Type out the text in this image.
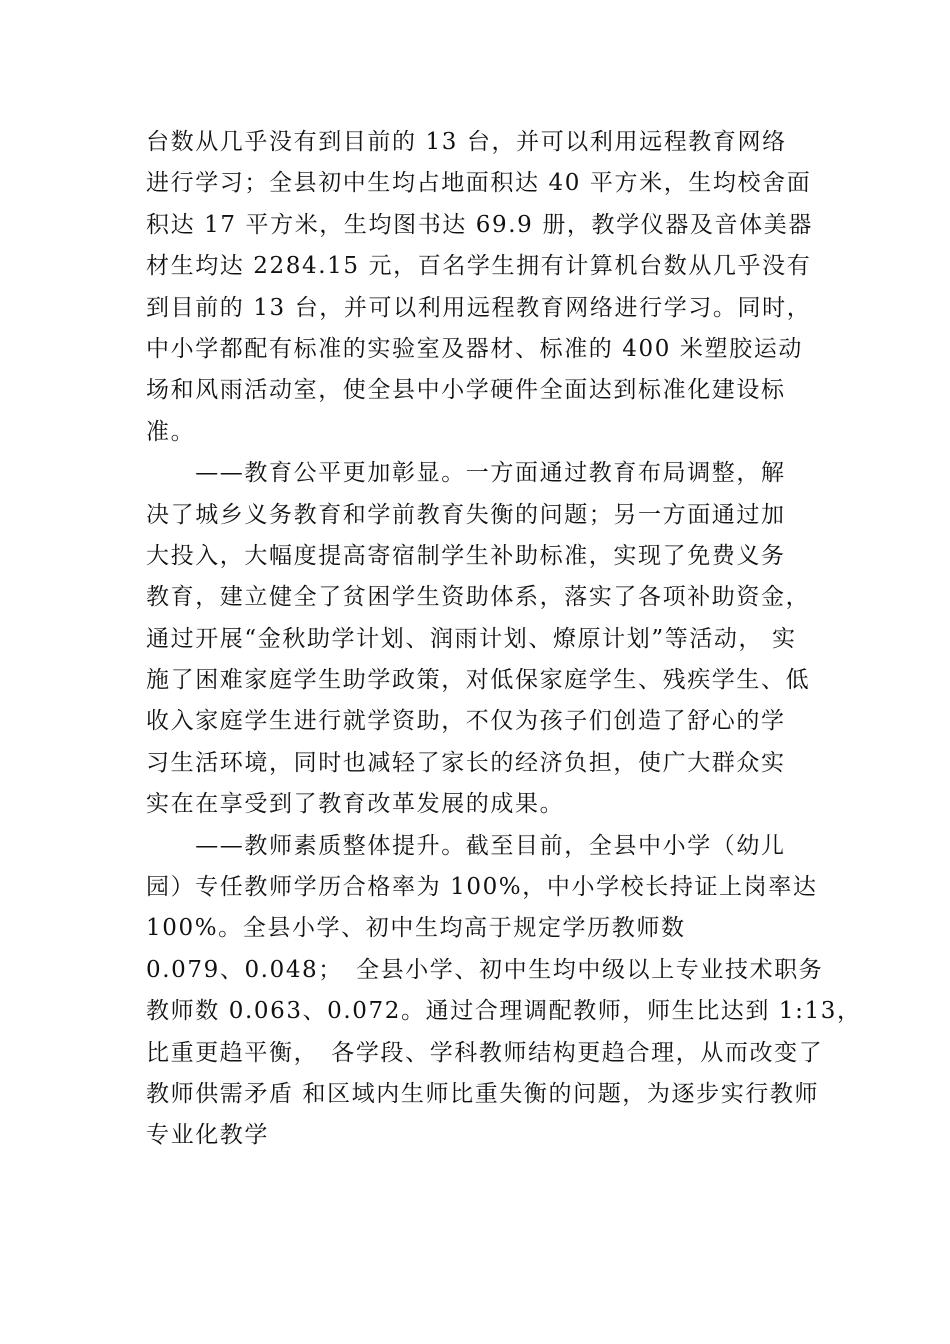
台数从几乎没有到目前的 13 台，并可以利用远程教育网络
进行学习；全县初中生均占地面积达 40 平方米，生均校舍面
积达 17 平方米，生均图书达 69.9 册，教学仪器及音体美器
材生均达 2284.15 元，百名学生拥有计算机台数从几乎没有
到目前的 13 台，并可以利用远程教育网络进行学习。同时，
中小学都配有标准的实验室及器材、标准的 400 米塑胶运动
场和风雨活动室，使全县中小学硬件全面达到标准化建设标
准。
　　——教育公平更加彰显。一方面通过教育布局调整，解
决了城乡义务教育和学前教育失衡的问题；另一方面通过加
大投入，大幅度提高寄宿制学生补助标准，实现了免费义务
教育，建立健全了贫困学生资助体系，落实了各项补助资金，
通过开展“金秋助学计划、润雨计划、燎原计划”等活动， 实
施了困难家庭学生助学政策，对低保家庭学生、残疾学生、低
收入家庭学生进行就学资助，不仅为孩子们创造了舒心的学
习生活环境，同时也减轻了家长的经济负担，使广大群众实
实在在享受到了教育改革发展的成果。
　　——教师素质整体提升。截至目前，全县中小学（幼儿
园）专任教师学历合格率为 100%，中小学校长持证上岗率达
100%。全县小学、初中生均高于规定学历教师数
0.079、0.048；　全县小学、初中生均中级以上专业技术职务
教师数 0.063、0.072。通过合理调配教师，师生比达到 1:13，
比重更趋平衡，　各学段、学科教师结构更趋合理，从而改变了
教师供需矛盾 和区域内生师比重失衡的问题，为逐步实行教师
专业化教学
